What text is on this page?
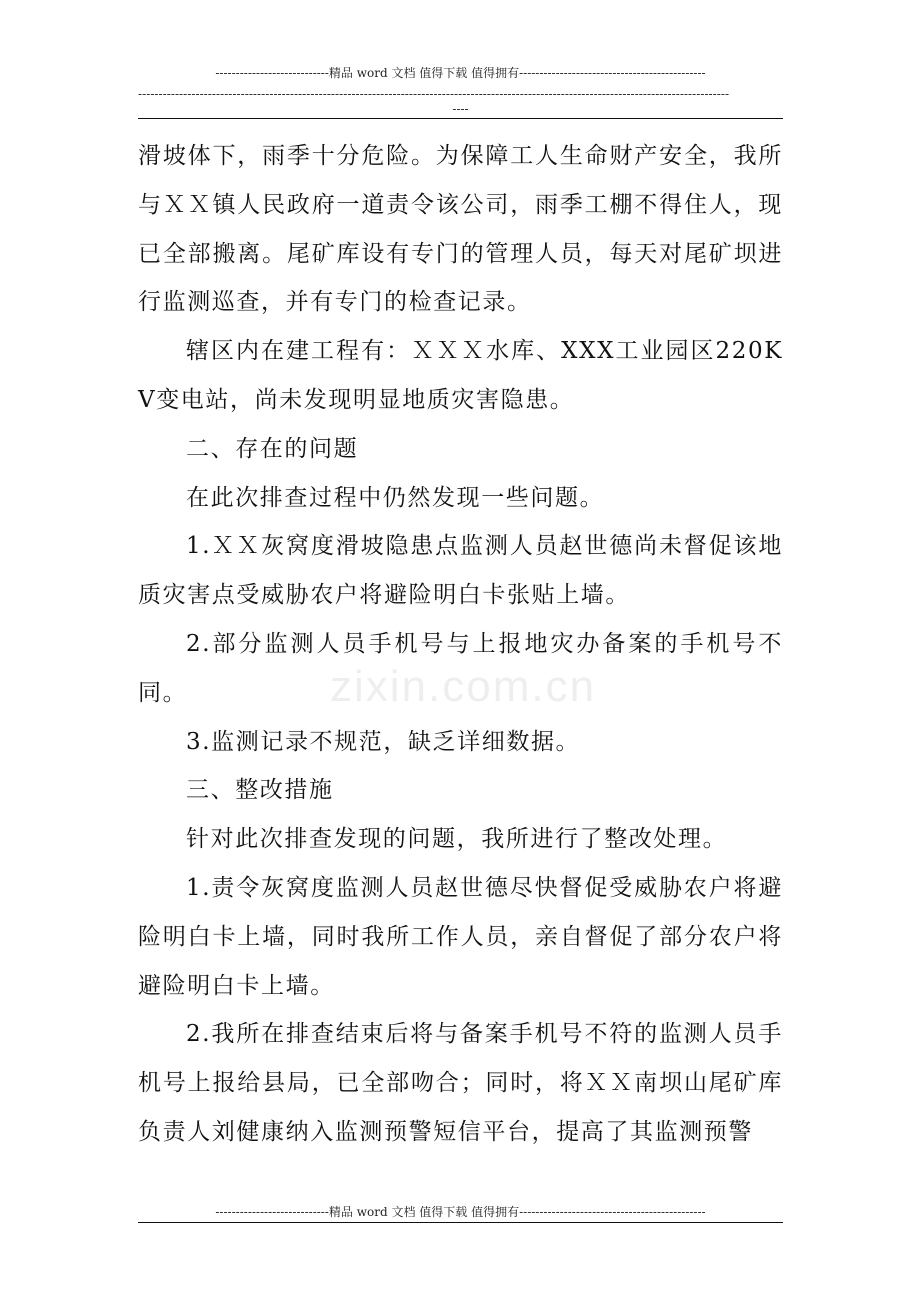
----------------------------精品 word 文档 值得下载 值得拥有----------------------------------------------
------------------------------------------------------------------------------------------------------------------------------------------------
----
zixin.com.cn

滑坡体下，雨季十分危险。为保障工人生命财产安全，我所与ＸＸ镇人民政府一道责令该公司，雨季工棚不得住人，现已全部搬离。尾矿库设有专门的管理人员，每天对尾矿坝进行监测巡查，并有专门的检查记录。

辖区内在建工程有：ＸＸＸ水库、XXX工业园区220KV变电站，尚未发现明显地质灾害隐患。

二、存在的问题

在此次排查过程中仍然发现一些问题。

1.ＸＸ灰窝度滑坡隐患点监测人员赵世德尚未督促该地质灾害点受威胁农户将避险明白卡张贴上墙。

2.部分监测人员手机号与上报地灾办备案的手机号不同。

3.监测记录不规范，缺乏详细数据。

三、整改措施

针对此次排查发现的问题，我所进行了整改处理。

1.责令灰窝度监测人员赵世德尽快督促受威胁农户将避险明白卡上墙，同时我所工作人员，亲自督促了部分农户将避险明白卡上墙。

2.我所在排查结束后将与备案手机号不符的监测人员手机号上报给县局，已全部吻合；同时，将ＸＸ南坝山尾矿库负责人刘健康纳入监测预警短信平台，提高了其监测预警

----------------------------精品 word 文档 值得下载 值得拥有----------------------------------------------
